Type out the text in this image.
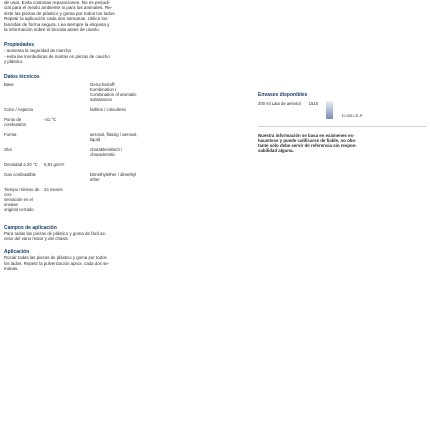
de usar. Evita costosas reparaciones. No es perjudi-

cial para el medio ambiente ni para los animales. Re-

siste las piezas de plástico y goma por todos los lados.

Repetir la aplicación cada dos semanas. Utilice los

biocidas de forma segura. Lea siempre la etiqueta y

la información sobre el biocida antes de usarlo.

Propiedades

- aumenta la seguridad de marcha

- evita las mordeduras de martas en piezas de caucho

y plástico

Datos técnicos

Base		Geruchsstoff-
Kombination /
Combination of aromatic
substances

Color / Aspecto		farblos / colourless

Punto de combustión	-41 °C	
Forma		aerosol, flüssig / aerosol,
liquid

Olor		charakteristisch /
characteristic

Densidad a 20 °C	0,81 g/cm³	
Gas combustible		Dimethylether / dimethyl
ether

Tiempo mínimo de con-	24 meses	
servación en el envase		
original cerrado		

Campos de aplicación

Para todas las piezas de plástico y goma de fácil ac-

ceso del vano motor y del chasis.

Aplicación

Rociar todas las piezas de plástico y goma por todos

los lados. Repetir la pulverización aprox. cada dos se-

manas.

Envases disponibles

200 ml Lata de aerosol 1515
D-GB-I-E-P

Nuestra información se basa en exámenes ex-

haustivos y puede calificarse de fiable, no obs-

tante sólo debe servir de referencia sin respon-

sabilidad alguna.
